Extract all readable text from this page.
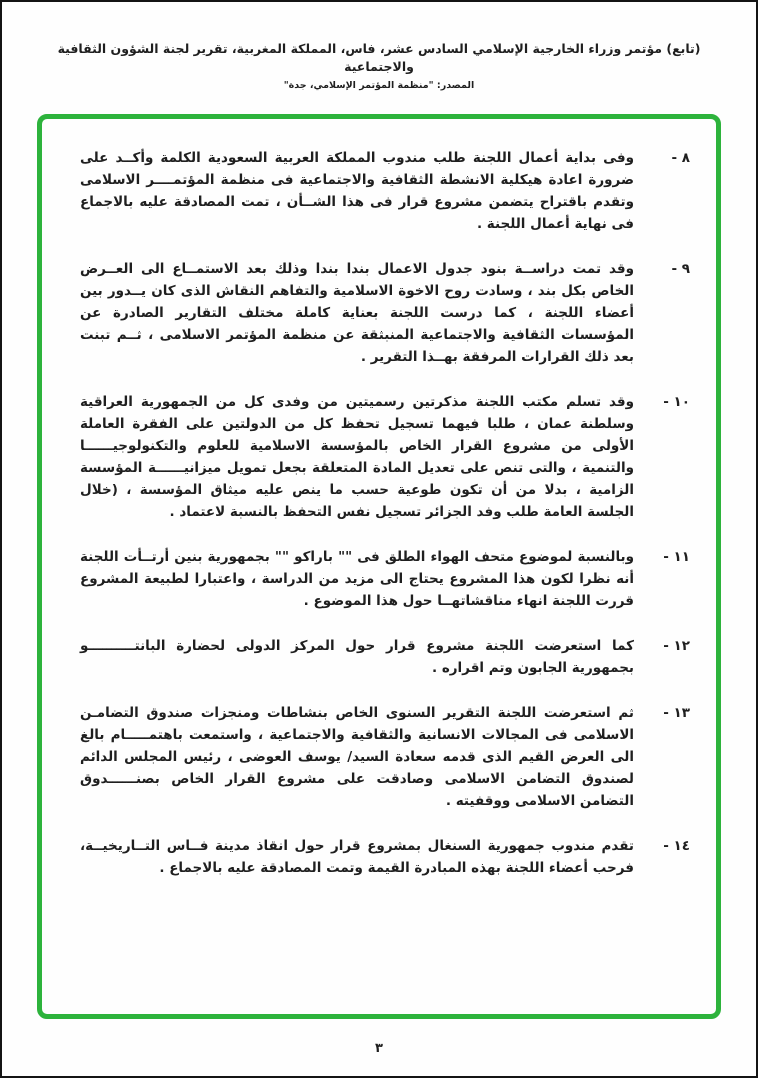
(تابع) مؤتمر وزراء الخارجية الإسلامي السادس عشر، فاس، المملكة المغربية، تقرير لجنة الشؤون الثقافية والاجتماعية
المصدر: "منظمة المؤتمر الإسلامي، جدة"
٨ -
وفى بداية أعمال اللجنة طلب مندوب المملكة العربية السعودية الكلمة وأكــد على ضرورة اعادة هيكلية الانشطة الثقافية والاجتماعية فى منظمة المؤتمــــر الاسلامى وتقدم باقتراح يتضمن مشروع قرار فى هذا الشــأن ، تمت المصادقة عليه بالاجماع فى نهاية أعمال اللجنة .
٩ -
وقد تمت دراســة بنود جدول الاعمال بندا بندا وذلك بعد الاستمــاع الى العــرض الخاص بكل بند ، وسادت روح الاخوة الاسلامية والتفاهم النقاش الذى كان يــدور بين أعضاء اللجنة ، كما درست اللجنة بعناية كاملة مختلف التقارير الصادرة عن المؤسسات الثقافية والاجتماعية المنبثقة عن منظمة المؤتمر الاسلامى ، ثــم تبنت بعد ذلك القرارات المرفقة بهــذا التقرير .
١٠ -
وقد تسلم مكتب اللجنة مذكرتين رسميتين من وفدى كل من الجمهورية العراقية وسلطنة عمان ، طلبا فيهما تسجيل تحفظ كل من الدولتين على الفقرة العاملة الأولى من مشروع القرار الخاص بالمؤسسة الاسلامية للعلوم والتكنولوجيــــــا والتنمية ، والتى تنص على تعديل المادة المتعلقة بجعل تمويل ميزانيــــــة المؤسسة الزامية ، بدلا من أن تكون طوعية حسب ما ينص عليه ميثاق المؤسسة ، (خلال الجلسة العامة طلب وفد الجزائر تسجيل نفس التحفظ بالنسبة لاعتماد .
١١ -
وبالنسبة لموضوع متحف الهواء الطلق فى "" باراكو "" بجمهورية بنين أرتــأت اللجنة أنه نظرا لكون هذا المشروع يحتاج الى مزيد من الدراسة ، واعتبارا لطبيعة المشروع قررت اللجنة انهاء مناقشاتهــا حول هذا الموضوع .
١٢ -
كما استعرضت اللجنة مشروع قرار حول المركز الدولى لحضارة البانتــــــــــو بجمهورية الجابون وتم اقراره .
١٣ -
ثم استعرضت اللجنة التقرير السنوى الخاص بنشاطات ومنجزات صندوق التضامـن الاسلامى فى المجالات الانسانية والثقافية والاجتماعية ، واستمعت باهتمـــــام بالغ الى العرض القيم الذى قدمه سعادة السيد/ يوسف العوضى ، رئيس المجلس الدائم لصندوق التضامن الاسلامى وصادقت على مشروع القرار الخاص بصنــــــدوق التضامن الاسلامى ووقفيته .
١٤ -
تقدم مندوب جمهورية السنغال بمشروع قرار حول انقاذ مدينة فــاس التــاريخيــة، فرحب أعضاء اللجنة بهذه المبادرة القيمة وتمت المصادقة عليه بالاجماع .
٣
